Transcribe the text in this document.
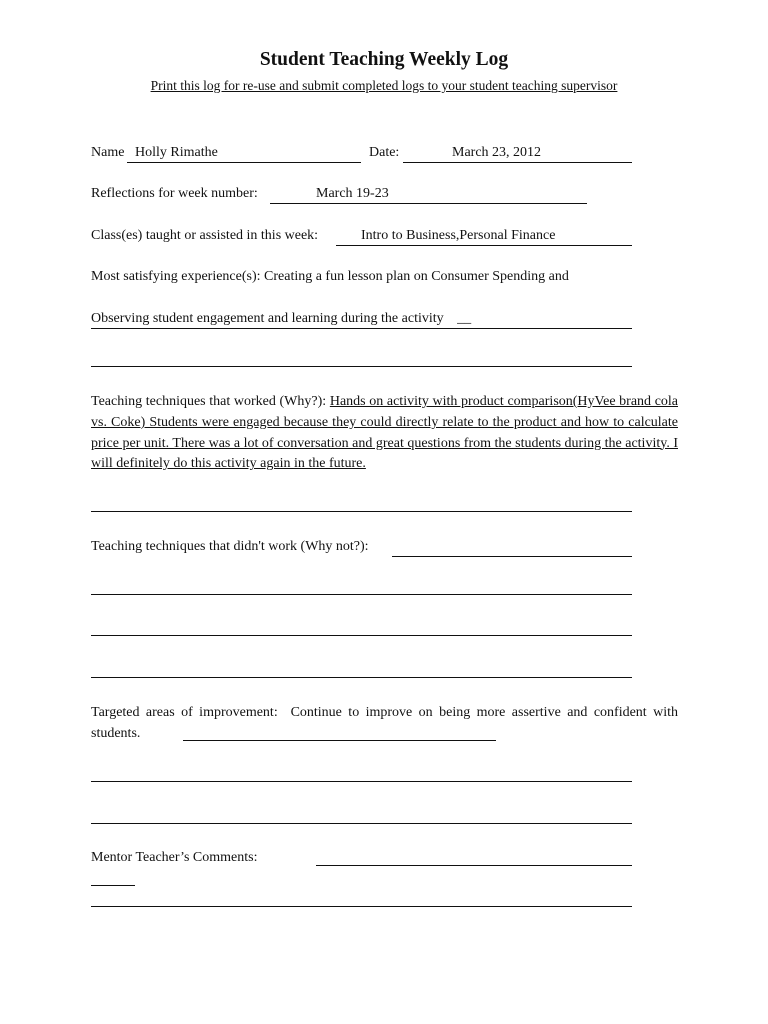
Student Teaching Weekly Log
Print this log for re-use and submit completed logs to your student teaching supervisor
Name Holly Rimathe	Date:	March 23, 2012
Reflections for week number:	March 19-23
Class(es) taught or assisted in this week:	Intro to Business,Personal Finance
Most satisfying experience(s): Creating a fun lesson plan on Consumer Spending and
Observing student engagement and learning during the activity __
Teaching techniques that worked (Why?): Hands on activity with product comparison(HyVee brand cola vs. Coke) Students were engaged because they could directly relate to the product and how to calculate price per unit. There was a lot of conversation and great questions from the students during the activity. I will definitely do this activity again in the future.
Teaching techniques that didn't work (Why not?):
Targeted areas of improvement: Continue to improve on being more assertive and confident with students.
Mentor Teacher’s Comments:
